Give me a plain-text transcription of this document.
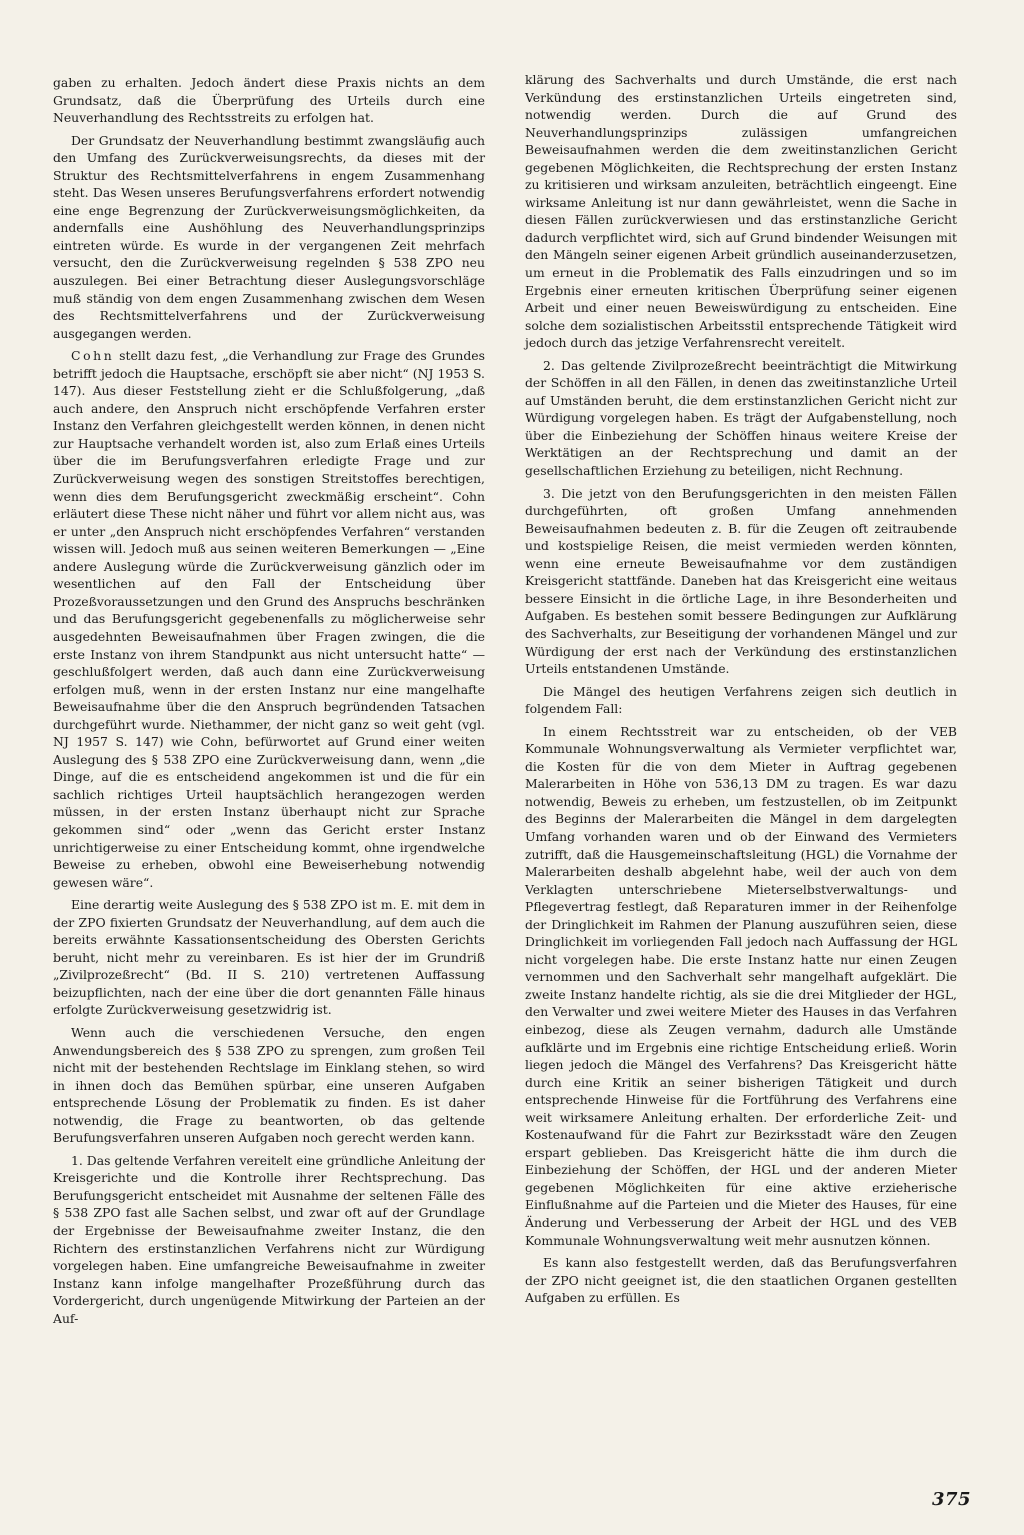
gaben zu erhalten. Jedoch ändert diese Praxis nichts an dem Grundsatz, daß die Überprüfung des Urteils durch eine Neuverhandlung des Rechtsstreits zu erfolgen hat.

Der Grundsatz der Neuverhandlung bestimmt zwangsläufig auch den Umfang des Zurückverweisungsrechts, da dieses mit der Struktur des Rechtsmittelverfahrens in engem Zusammenhang steht. Das Wesen unseres Berufungsverfahrens erfordert notwendig eine enge Begrenzung der Zurückverweisungsmöglichkeiten, da andernfalls eine Aushöhlung des Neuverhandlungsprinzips eintreten würde. Es wurde in der vergangenen Zeit mehrfach versucht, den die Zurückverweisung regelnden § 538 ZPO neu auszulegen. Bei einer Betrachtung dieser Auslegungsvorschläge muß ständig von dem engen Zusammenhang zwischen dem Wesen des Rechtsmittelverfahrens und der Zurückverweisung ausgegangen werden.

Cohn stellt dazu fest, „die Verhandlung zur Frage des Grundes betrifft jedoch die Hauptsache, erschöpft sie aber nicht“ (NJ 1953 S. 147). Aus dieser Feststellung zieht er die Schlußfolgerung, „daß auch andere, den Anspruch nicht erschöpfende Verfahren erster Instanz den Verfahren gleichgestellt werden können, in denen nicht zur Hauptsache verhandelt worden ist, also zum Erlaß eines Urteils über die im Berufungsverfahren erledigte Frage und zur Zurückverweisung wegen des sonstigen Streitstoffes berechtigen, wenn dies dem Berufungsgericht zweckmäßig erscheint“. Cohn erläutert diese These nicht näher und führt vor allem nicht aus, was er unter „den Anspruch nicht erschöpfendes Verfahren“ verstanden wissen will. Jedoch muß aus seinen weiteren Bemerkungen — „Eine andere Auslegung würde die Zurückverweisung gänzlich oder im wesentlichen auf den Fall der Entscheidung über Prozeßvoraussetzungen und den Grund des Anspruchs beschränken und das Berufungsgericht gegebenenfalls zu möglicherweise sehr ausgedehnten Beweisaufnahmen über Fragen zwingen, die die erste Instanz von ihrem Standpunkt aus nicht untersucht hatte“ — geschlußfolgert werden, daß auch dann eine Zurückverweisung erfolgen muß, wenn in der ersten Instanz nur eine mangelhafte Beweisaufnahme über die den Anspruch begründenden Tatsachen durchgeführt wurde. Niethammer, der nicht ganz so weit geht (vgl. NJ 1957 S. 147) wie Cohn, befürwortet auf Grund einer weiten Auslegung des § 538 ZPO eine Zurückverweisung dann, wenn „die Dinge, auf die es entscheidend angekommen ist und die für ein sachlich richtiges Urteil hauptsächlich herangezogen werden müssen, in der ersten Instanz überhaupt nicht zur Sprache gekommen sind“ oder „wenn das Gericht erster Instanz unrichtigerweise zu einer Entscheidung kommt, ohne irgendwelche Beweise zu erheben, obwohl eine Beweiserhebung notwendig gewesen wäre“.

Eine derartig weite Auslegung des § 538 ZPO ist m. E. mit dem in der ZPO fixierten Grundsatz der Neuverhandlung, auf dem auch die bereits erwähnte Kassationsentscheidung des Obersten Gerichts beruht, nicht mehr zu vereinbaren. Es ist hier der im Grundriß „Zivilprozeßrecht“ (Bd. II S. 210) vertretenen Auffassung beizupflichten, nach der eine über die dort genannten Fälle hinaus erfolgte Zurückverweisung gesetzwidrig ist.

Wenn auch die verschiedenen Versuche, den engen Anwendungsbereich des § 538 ZPO zu sprengen, zum großen Teil nicht mit der bestehenden Rechtslage im Einklang stehen, so wird in ihnen doch das Bemühen spürbar, eine unseren Aufgaben entsprechende Lösung der Problematik zu finden. Es ist daher notwendig, die Frage zu beantworten, ob das geltende Berufungsverfahren unseren Aufgaben noch gerecht werden kann.

1. Das geltende Verfahren vereitelt eine gründliche Anleitung der Kreisgerichte und die Kontrolle ihrer Rechtsprechung. Das Berufungsgericht entscheidet mit Ausnahme der seltenen Fälle des § 538 ZPO fast alle Sachen selbst, und zwar oft auf der Grundlage der Ergebnisse der Beweisaufnahme zweiter Instanz, die den Richtern des erstinstanzlichen Verfahrens nicht zur Würdigung vorgelegen haben. Eine umfangreiche Beweisaufnahme in zweiter Instanz kann infolge mangelhafter Prozeßführung durch das Vordergericht, durch ungenügende Mitwirkung der Parteien an der Auf-

klärung des Sachverhalts und durch Umstände, die erst nach Verkündung des erstinstanzlichen Urteils eingetreten sind, notwendig werden. Durch die auf Grund des Neuverhandlungsprinzips zulässigen umfangreichen Beweisaufnahmen werden die dem zweitinstanzlichen Gericht gegebenen Möglichkeiten, die Rechtsprechung der ersten Instanz zu kritisieren und wirksam anzuleiten, beträchtlich eingeengt. Eine wirksame Anleitung ist nur dann gewährleistet, wenn die Sache in diesen Fällen zurückverwiesen und das erstinstanzliche Gericht dadurch verpflichtet wird, sich auf Grund bindender Weisungen mit den Mängeln seiner eigenen Arbeit gründlich auseinanderzusetzen, um erneut in die Problematik des Falls einzudringen und so im Ergebnis einer erneuten kritischen Überprüfung seiner eigenen Arbeit und einer neuen Beweiswürdigung zu entscheiden. Eine solche dem sozialistischen Arbeitsstil entsprechende Tätigkeit wird jedoch durch das jetzige Verfahrensrecht vereitelt.

2. Das geltende Zivilprozeßrecht beeinträchtigt die Mitwirkung der Schöffen in all den Fällen, in denen das zweitinstanzliche Urteil auf Umständen beruht, die dem erstinstanzlichen Gericht nicht zur Würdigung vorgelegen haben. Es trägt der Aufgabenstellung, noch über die Einbeziehung der Schöffen hinaus weitere Kreise der Werktätigen an der Rechtsprechung und damit an der gesellschaftlichen Erziehung zu beteiligen, nicht Rechnung.

3. Die jetzt von den Berufungsgerichten in den meisten Fällen durchgeführten, oft großen Umfang annehmenden Beweisaufnahmen bedeuten z. B. für die Zeugen oft zeitraubende und kostspielige Reisen, die meist vermieden werden könnten, wenn eine erneute Beweisaufnahme vor dem zuständigen Kreisgericht stattfände. Daneben hat das Kreisgericht eine weitaus bessere Einsicht in die örtliche Lage, in ihre Besonderheiten und Aufgaben. Es bestehen somit bessere Bedingungen zur Aufklärung des Sachverhalts, zur Beseitigung der vorhandenen Mängel und zur Würdigung der erst nach der Verkündung des erstinstanzlichen Urteils entstandenen Umstände.

Die Mängel des heutigen Verfahrens zeigen sich deutlich in folgendem Fall:

In einem Rechtsstreit war zu entscheiden, ob der VEB Kommunale Wohnungsverwaltung als Vermieter verpflichtet war, die Kosten für die von dem Mieter in Auftrag gegebenen Malerarbeiten in Höhe von 536,13 DM zu tragen. Es war dazu notwendig, Beweis zu erheben, um festzustellen, ob im Zeitpunkt des Beginns der Malerarbeiten die Mängel in dem dargelegten Umfang vorhanden waren und ob der Einwand des Vermieters zutrifft, daß die Hausgemeinschaftsleitung (HGL) die Vornahme der Malerarbeiten deshalb abgelehnt habe, weil der auch von dem Verklagten unterschriebene Mieterselbstverwaltungs- und Pflegevertrag festlegt, daß Reparaturen immer in der Reihenfolge der Dringlichkeit im Rahmen der Planung auszuführen seien, diese Dringlichkeit im vorliegenden Fall jedoch nach Auffassung der HGL nicht vorgelegen habe. Die erste Instanz hatte nur einen Zeugen vernommen und den Sachverhalt sehr mangelhaft aufgeklärt. Die zweite Instanz handelte richtig, als sie die drei Mitglieder der HGL, den Verwalter und zwei weitere Mieter des Hauses in das Verfahren einbezog, diese als Zeugen vernahm, dadurch alle Umstände aufklärte und im Ergebnis eine richtige Entscheidung erließ. Worin liegen jedoch die Mängel des Verfahrens? Das Kreisgericht hätte durch eine Kritik an seiner bisherigen Tätigkeit und durch entsprechende Hinweise für die Fortführung des Verfahrens eine weit wirksamere Anleitung erhalten. Der erforderliche Zeit- und Kostenaufwand für die Fahrt zur Bezirksstadt wäre den Zeugen erspart geblieben. Das Kreisgericht hätte die ihm durch die Einbeziehung der Schöffen, der HGL und der anderen Mieter gegebenen Möglichkeiten für eine aktive erzieherische Einflußnahme auf die Parteien und die Mieter des Hauses, für eine Änderung und Verbesserung der Arbeit der HGL und des VEB Kommunale Wohnungsverwaltung weit mehr ausnutzen können.

Es kann also festgestellt werden, daß das Berufungsverfahren der ZPO nicht geeignet ist, die den staatlichen Organen gestellten Aufgaben zu erfüllen. Es

375
